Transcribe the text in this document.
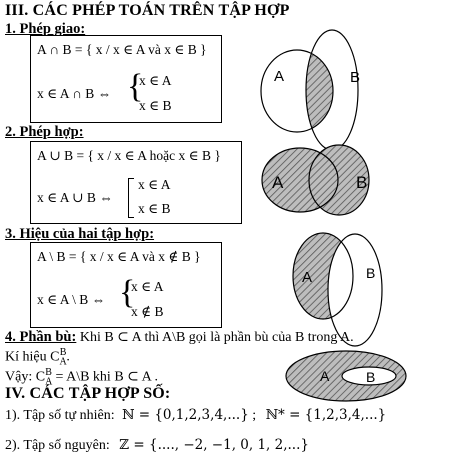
III. CÁC PHÉP TOÁN TRÊN TẬP HỢP
1. Phép giao:
A ∩ B = { x / x ∈ A và x ∈ B }
x ∈ A ∩ B ⇔ {
x ∈ A
x ∈ B
2. Phép hợp:
A ∪ B = { x / x ∈ A hoặc x ∈ B }
x ∈ A ∪ B ⇔
x ∈ A
x ∈ B
3. Hiệu của hai tập hợp:
A \ B = { x / x ∈ A và x ∉ B }
x ∈ A \ B ⇔ {
x ∈ A
x ∉ B
4. Phần bù: Khi B ⊂ A thì A\B gọi là phần bù của B trong A.
Kí hiệu $C_A^B$.
Vậy: $C_A^B$ = A\B khi B ⊂ A .
IV. CÁC TẬP HỢP SỐ:
1). Tập số tự nhiên: ℕ = {0,1,2,3,4,...} ; ℕ* = {1,2,3,4,...}
2). Tập số nguyên: ℤ = {...., −2, −1, 0, 1, 2,...}
A	B
A	B
A	B
A	B
